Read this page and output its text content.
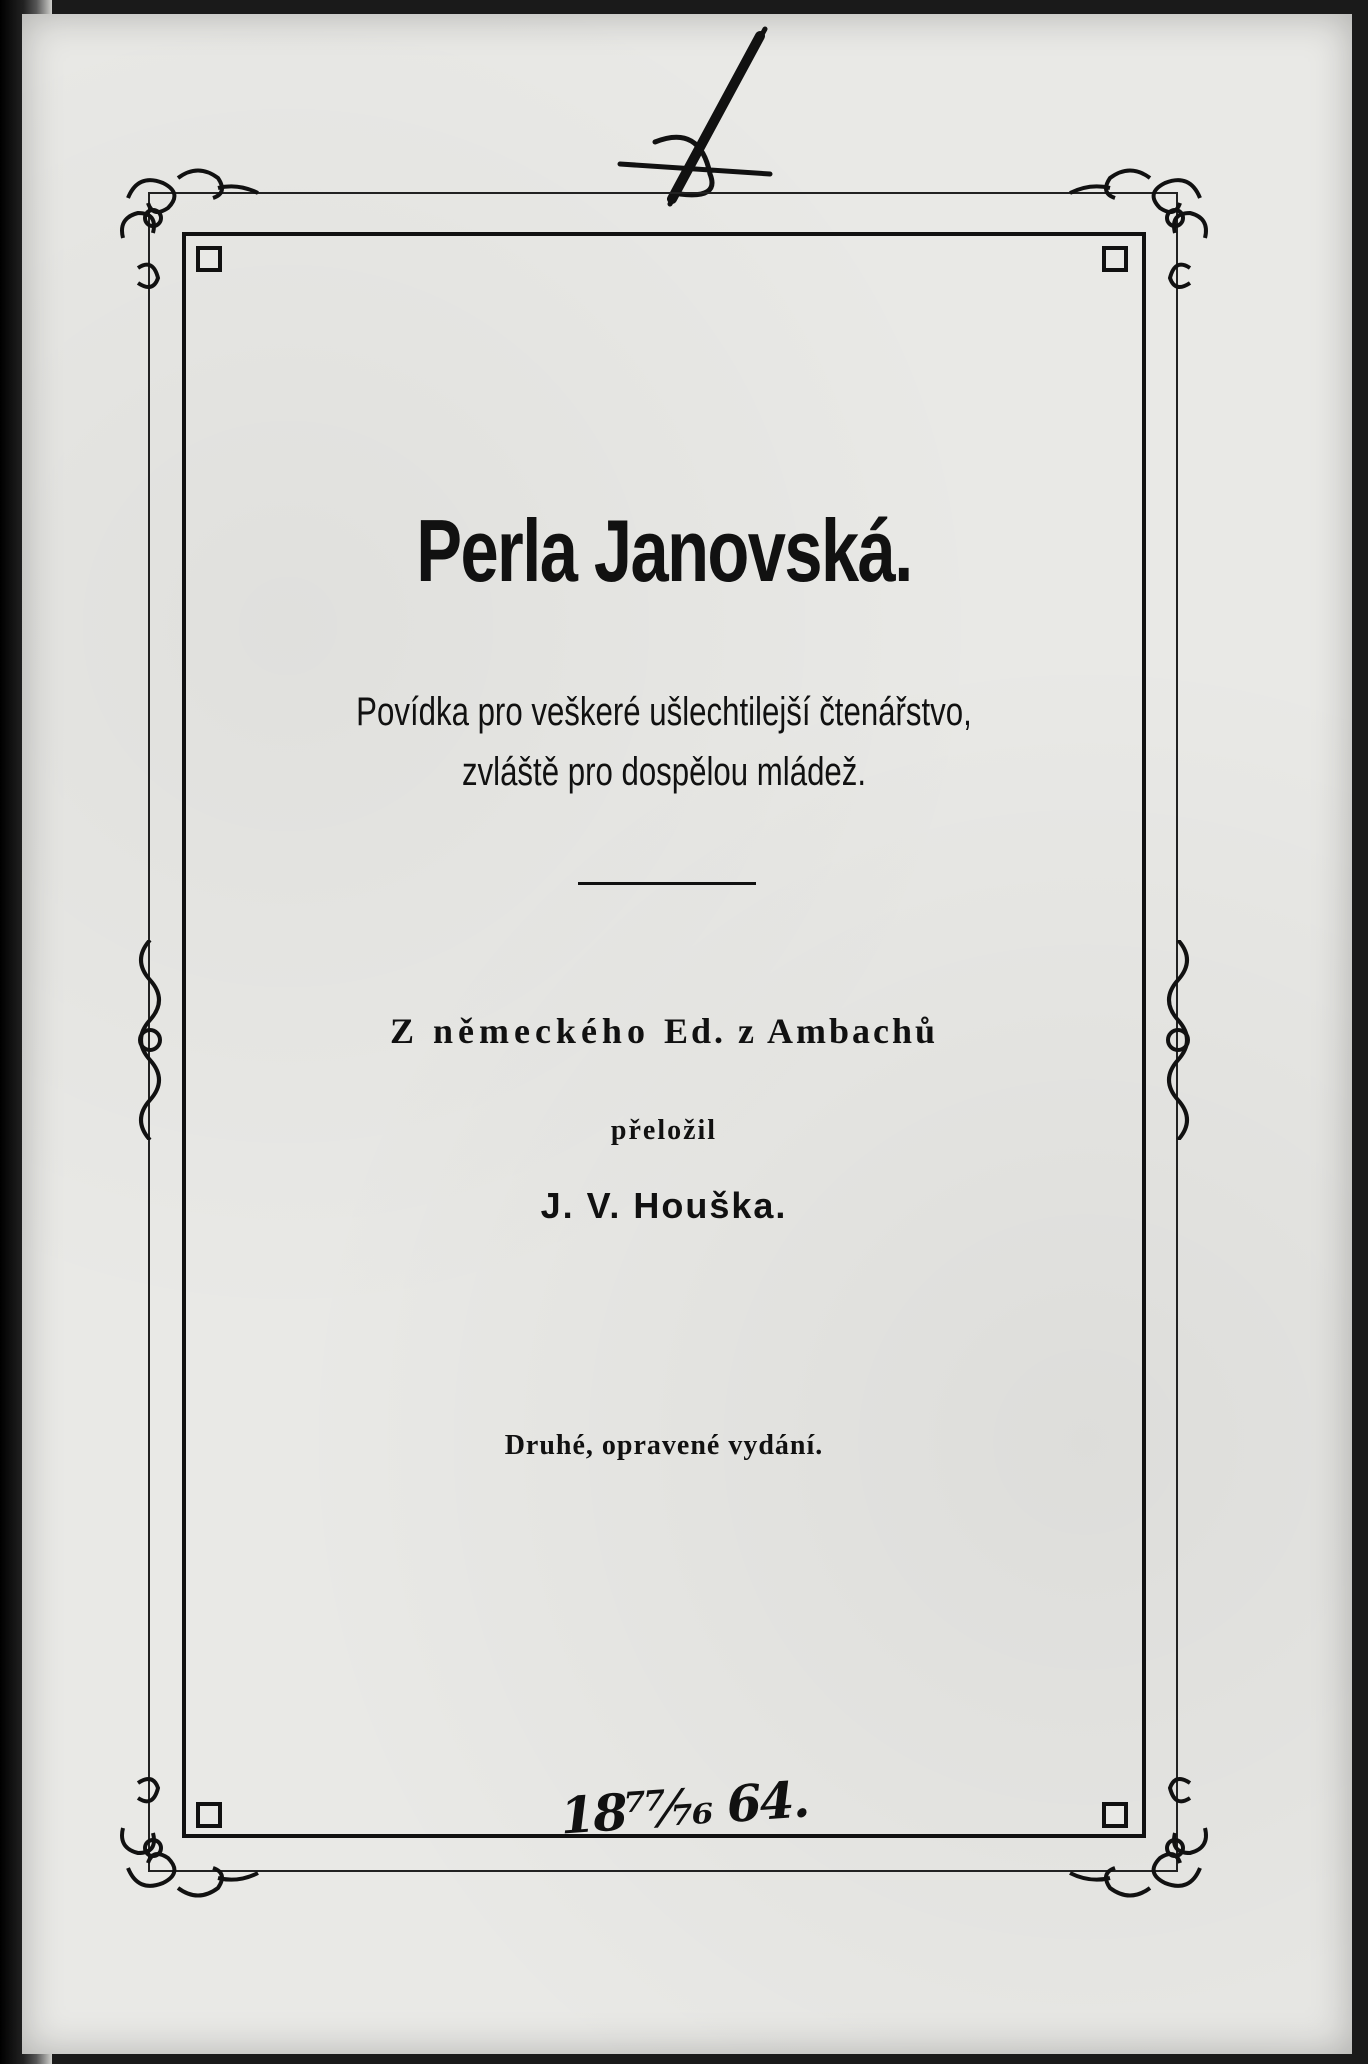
Perla Janovská.
Povídka pro veškeré ušlechtilejší čtenářstvo,
zvláště pro dospělou mládež.
Z německého Ed. z Ambachů
přeložil
J. V. Houška.
Druhé, opravené vydání.
18⁷⁷⁄₇₆ 64.
